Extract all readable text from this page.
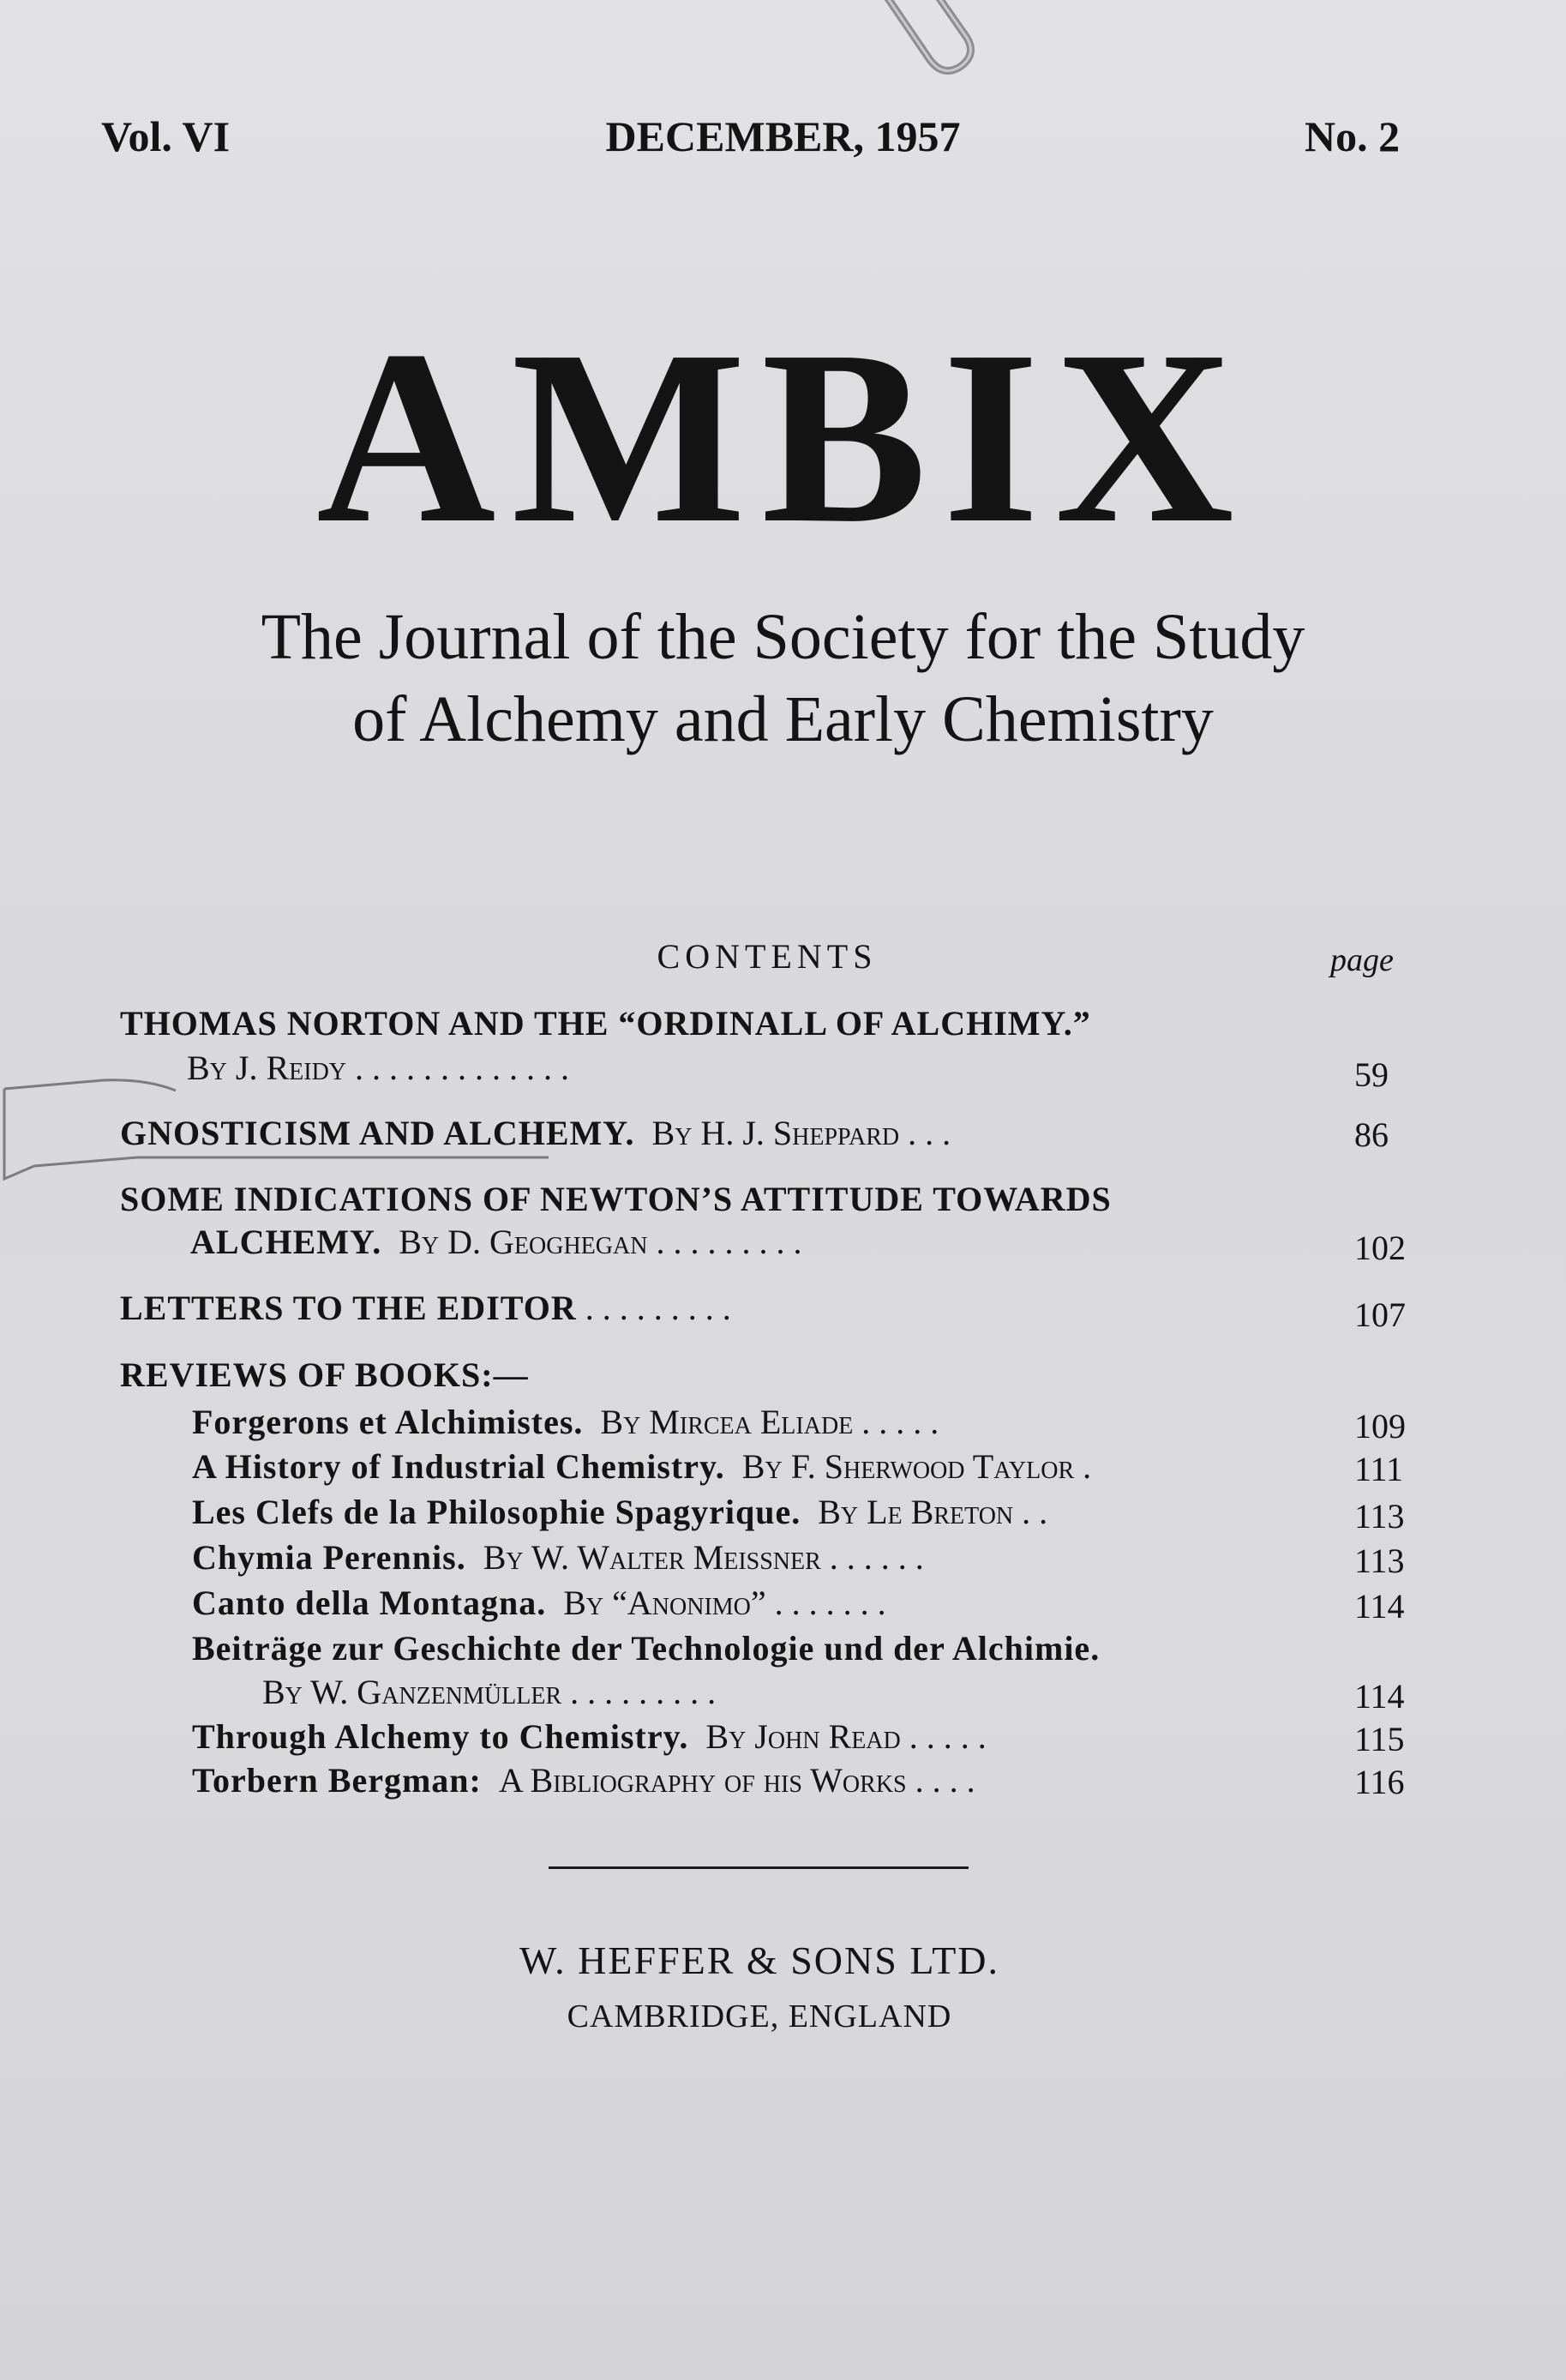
Vol. VI	DECEMBER, 1957	No. 2
AMBIX
The Journal of the Society for the Study
of Alchemy and Early Chemistry
CONTENTS	page
THOMAS NORTON AND THE “ORDINALL OF ALCHIMY.”
By J. Reidy . . . . . . . . . . . . .	59
GNOSTICISM AND ALCHEMY. By H. J. Sheppard . . .	86
SOME INDICATIONS OF NEWTON’S ATTITUDE TOWARDS
ALCHEMY. By D. Geoghegan . . . . . . . . .	102
LETTERS TO THE EDITOR . . . . . . . . .	107
REVIEWS OF BOOKS:—
Forgerons et Alchimistes. By Mircea Eliade . . . . .	109
A History of Industrial Chemistry. By F. Sherwood Taylor .	111
Les Clefs de la Philosophie Spagyrique. By Le Breton . .	113
Chymia Perennis. By W. Walter Meissner . . . . . .	113
Canto della Montagna. By “Anonimo” . . . . . . .	114
Beiträge zur Geschichte der Technologie und der Alchimie.
By W. Ganzenmüller . . . . . . . . .	114
Through Alchemy to Chemistry. By John Read . . . . .	115
Torbern Bergman: A Bibliography of his Works . . . .	116
W. HEFFER & SONS LTD.
CAMBRIDGE, ENGLAND
